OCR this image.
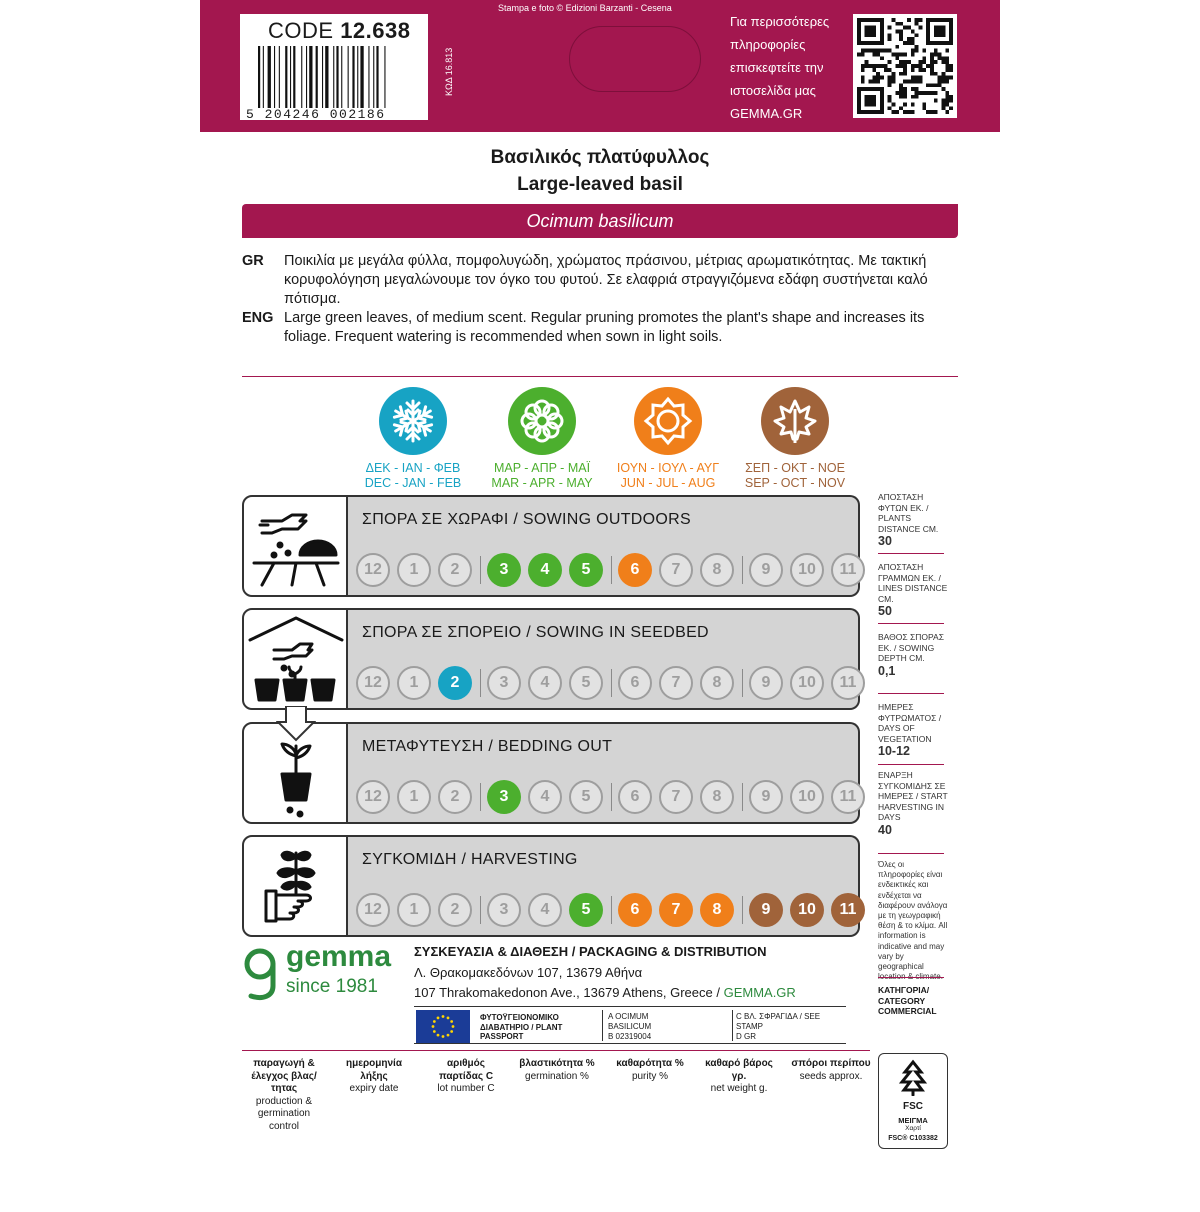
CODE 12.638
5 204246 002186
ΚΩΔ 16.813
Stampa e foto © Edizioni Barzanti - Cesena
Για περισσότερες
πληροφορίες
επισκεφτείτε την
ιστοσελίδα μας
GEMMA.GR
Βασιλικός πλατύφυλλος
Large-leaved basil
Ocimum basilicum
GR Ποικιλία με μεγάλα φύλλα, πομφολυγώδη, χρώματος πράσινου, μέτριας αρωματικότητας. Με τακτική κορυφολόγηση μεγαλώνουμε τον όγκο του φυτού. Σε ελαφριά στραγγιζόμενα εδάφη συστήνεται καλό πότισμα.
ENG Large green leaves, of medium scent. Regular pruning promotes the plant's shape and increases its foliage. Frequent watering is recommended when sown in light soils.
ΔΕΚ - ΙΑΝ - ΦΕΒ
DEC - JAN - FEB
ΜΑΡ - ΑΠΡ - ΜΑΪ
MAR - APR - MAY
ΙΟΥΝ - ΙΟΥΛ - ΑΥΓ
JUN - JUL - AUG
ΣΕΠ - ΟΚΤ - ΝΟΕ
SEP - OCT - NOV
ΣΠΟΡΑ ΣΕ ΧΩΡΑΦΙ / SOWING OUTDOORS
12	1	2	3	4	5	6	7	8	9	10	11
ΣΠΟΡΑ ΣΕ ΣΠΟΡΕΙΟ / SOWING IN SEEDBED
12	1	2	3	4	5	6	7	8	9	10	11
ΜΕΤΑΦΥΤΕΥΣΗ / BEDDING OUT
12	1	2	3	4	5	6	7	8	9	10	11
ΣΥΓΚΟΜΙΔΗ / HARVESTING
12	1	2	3	4	5	6	7	8	9	10	11
ΑΠΟΣΤΑΣΗ ΦΥΤΩΝ ΕΚ. / PLANTS DISTANCE CM.
30
ΑΠΟΣΤΑΣΗ ΓΡΑΜΜΩΝ ΕΚ. / LINES DISTANCE CM.
50
ΒΑΘΟΣ ΣΠΟΡΑΣ ΕΚ. / SOWING DEPTH CM.
0,1
ΗΜΕΡΕΣ ΦΥΤΡΩΜΑΤΟΣ / DAYS OF VEGETATION
10-12
ΕΝΑΡΞΗ ΣΥΓΚΟΜΙΔΗΣ ΣΕ ΗΜΕΡΕΣ / START HARVESTING IN DAYS
40
Όλες οι πληροφορίες είναι ενδεικτικές και ενδέχεται να διαφέρουν ανάλογα με τη γεωγραφική θέση & το κλίμα. All information is indicative and may vary by geographical
gemma
since 1981
ΣΥΣΚΕΥΑΣΙΑ & ΔΙΑΘΕΣΗ / PACKAGING & DISTRIBUTION
Λ. Θρακομακεδόνων 107, 13679 Αθήνα
107 Thrakomakedonon Ave., 13679 Athens, Greece / GEMMA.GR
ΦΥΤΟΫΓΕΙΟΝΟΜΙΚΟ ΔΙΑΒΑΤΗΡΙΟ / PLANT PASSPORT
A OCIMUM BASILICUM
B 02319004
C ΒΛ. ΣΦΡΑΓΙΔΑ / SEE STAMP
D GR
ΚΑΤΗΓΟΡΙΑ/ CATEGORY COMMERCIAL
παραγωγή & έλεγχος βλας/τητας
production & germination control
ημερομηνία λήξης
expiry date
αριθμός παρτίδας C
lot number C
βλαστικότητα %
germination %
καθαρότητα %
purity %
καθαρό βάρος γρ.
net weight g.
σπόροι περίπου
seeds approx.
FSC
ΜΕΙΓΜΑ
Χαρτί
FSC® C103382
